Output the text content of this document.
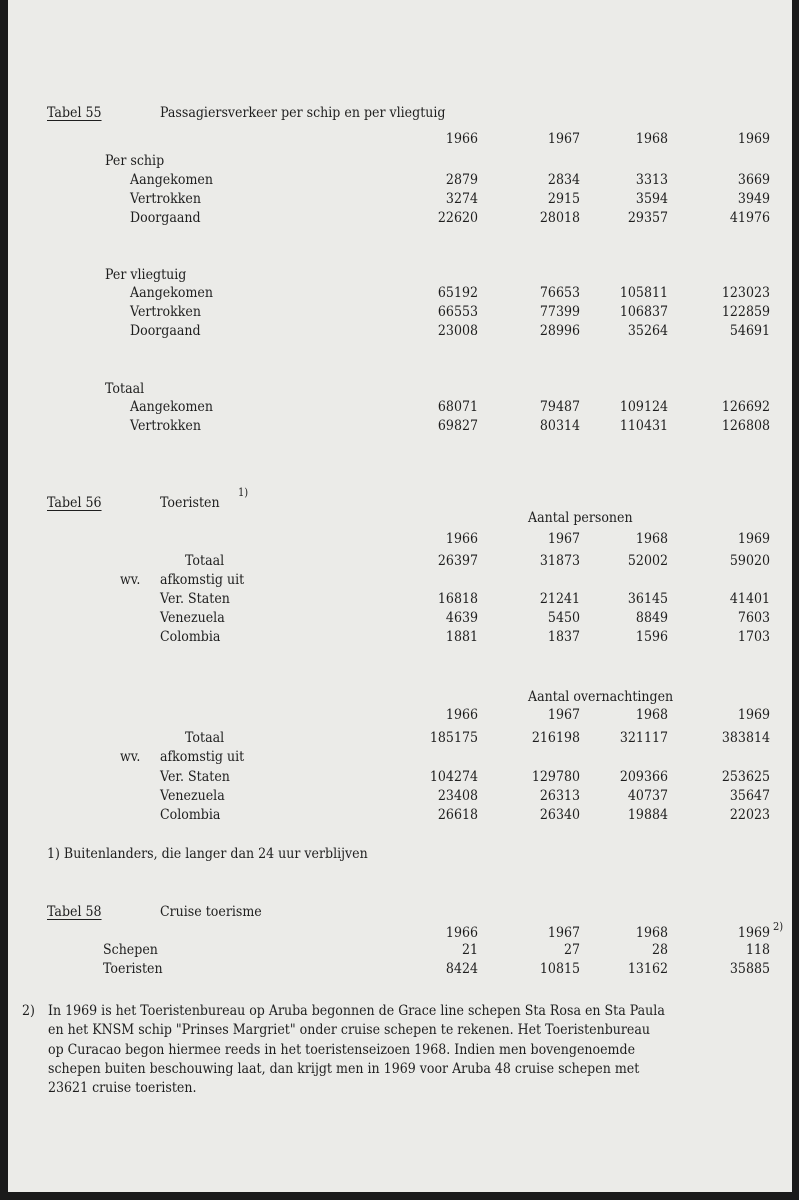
Tabel 55	Passagiersverkeer per schip en per vliegtuig
1966	1967	1968	1969
Per schip
Aangekomen	2879	2834	3313	3669
Vertrokken	3274	2915	3594	3949
Doorgaand	22620	28018	29357	41976
Per vliegtuig
Aangekomen	65192	76653	105811	123023
Vertrokken	66553	77399	106837	122859
Doorgaand	23008	28996	35264	54691
Totaal
Aangekomen	68071	79487	109124	126692
Vertrokken	69827	80314	110431	126808
Tabel 56	Toeristen
1)
Aantal personen
1966	1967	1968	1969
Totaal	26397	31873	52002	59020
wv. afkomstig uit
Ver. Staten	16818	21241	36145	41401
Venezuela	4639	5450	8849	7603
Colombia	1881	1837	1596	1703
Aantal overnachtingen
1966	1967	1968	1969
Totaal	185175	216198	321117	383814
wv. afkomstig uit
Ver. Staten	104274	129780	209366	253625
Venezuela	23408	26313	40737	35647
Colombia	26618	26340	19884	22023
1) Buitenlanders, die langer dan 24 uur verblijven
Tabel 58	Cruise toerisme
1966	1967	1968	1969 2)
Schepen	21	27	28	118
Toeristen	8424	10815	13162	35885
2) In 1969 is het Toeristenbureau op Aruba begonnen de Grace line schepen Sta Rosa en Sta Paula
en het KNSM schip "Prinses Margriet" onder cruise schepen te rekenen. Het Toeristenbureau
op Curacao begon hiermee reeds in het toeristenseizoen 1968. Indien men bovengenoemde
schepen buiten beschouwing laat, dan krijgt men in 1969 voor Aruba 48 cruise schepen met
23621 cruise toeristen.
